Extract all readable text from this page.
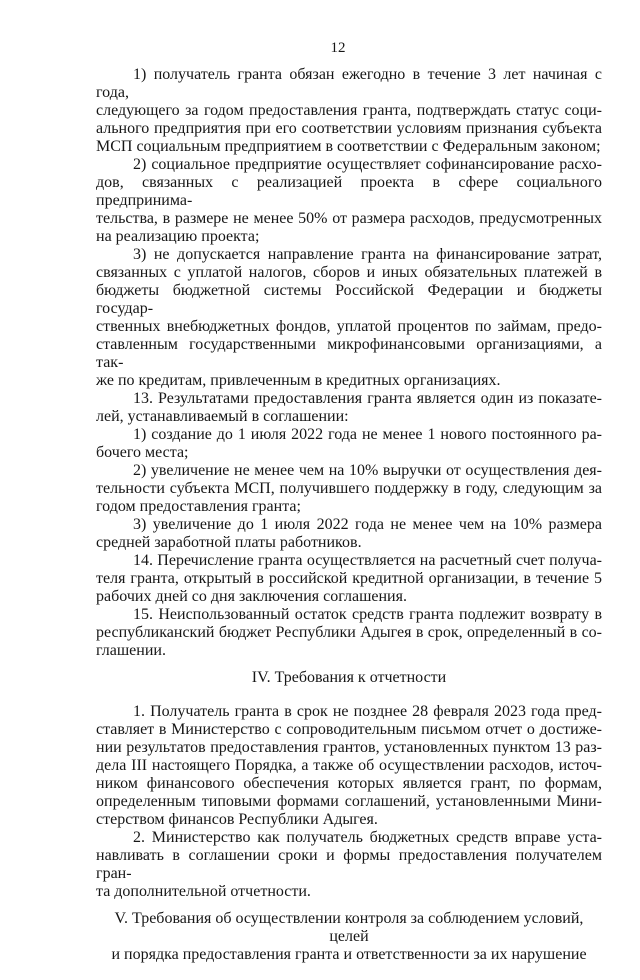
12
1) получатель гранта обязан ежегодно в течение 3 лет начиная с года,
следующего за годом предоставления гранта, подтверждать статус соци-
ального предприятия при его соответствии условиям признания субъекта
МСП социальным предприятием в соответствии с Федеральным законом;
2) социальное предприятие осуществляет софинансирование расхо-
дов, связанных с реализацией проекта в сфере социального предпринима-
тельства, в размере не менее 50% от размера расходов, предусмотренных
на реализацию проекта;
3) не допускается направление гранта на финансирование затрат,
связанных с уплатой налогов, сборов и иных обязательных платежей в
бюджеты бюджетной системы Российской Федерации и бюджеты государ-
ственных внебюджетных фондов, уплатой процентов по займам, предо-
ставленным государственными микрофинансовыми организациями, а так-
же по кредитам, привлеченным в кредитных организациях.
13. Результатами предоставления гранта является один из показате-
лей, устанавливаемый в соглашении:
1) создание до 1 июля 2022 года не менее 1 нового постоянного ра-
бочего места;
2) увеличение не менее чем на 10% выручки от осуществления дея-
тельности субъекта МСП, получившего поддержку в году, следующим за
годом предоставления гранта;
3) увеличение до 1 июля 2022 года не менее чем на 10% размера
средней заработной платы работников.
14. Перечисление гранта осуществляется на расчетный счет получа-
теля гранта, открытый в российской кредитной организации, в течение 5
рабочих дней со дня заключения соглашения.
15. Неиспользованный остаток средств гранта подлежит возврату в
республиканский бюджет Республики Адыгея в срок, определенный в со-
глашении.
IV. Требования к отчетности
1. Получатель гранта в срок не позднее 28 февраля 2023 года пред-
ставляет в Министерство с сопроводительным письмом отчет о достиже-
нии результатов предоставления грантов, установленных пунктом 13 раз-
дела III настоящего Порядка, а также об осуществлении расходов, источ-
ником финансового обеспечения которых является грант, по формам,
определенным типовыми формами соглашений, установленными Мини-
стерством финансов Республики Адыгея.
2. Министерство как получатель бюджетных средств вправе уста-
навливать в соглашении сроки и формы предоставления получателем гран-
та дополнительной отчетности.
V. Требования об осуществлении контроля за соблюдением условий, целей
и порядка предоставления гранта и ответственности за их нарушение
